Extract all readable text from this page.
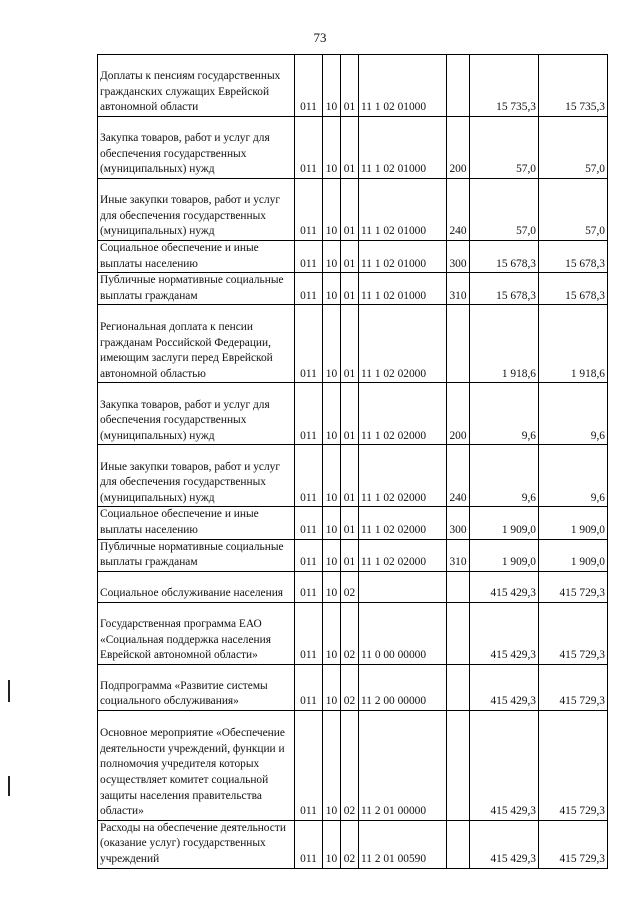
73
Доплаты к пенсиям государственных гражданских служащих Еврейской автономной области	011	10	01	11 1 02 01000		15 735,3	15 735,3
Закупка товаров, работ и услуг для обеспечения государственных (муниципальных) нужд	011	10	01	11 1 02 01000	200	57,0	57,0
Иные закупки товаров, работ и услуг для обеспечения государственных (муниципальных) нужд	011	10	01	11 1 02 01000	240	57,0	57,0
Социальное обеспечение и иные выплаты населению	011	10	01	11 1 02 01000	300	15 678,3	15 678,3
Публичные нормативные социальные выплаты гражданам	011	10	01	11 1 02 01000	310	15 678,3	15 678,3
Региональная доплата к пенсии гражданам Российской Федерации, имеющим заслуги перед Еврейской автономной областью	011	10	01	11 1 02 02000		1 918,6	1 918,6
Закупка товаров, работ и услуг для обеспечения государственных (муниципальных) нужд	011	10	01	11 1 02 02000	200	9,6	9,6
Иные закупки товаров, работ и услуг для обеспечения государственных (муниципальных) нужд	011	10	01	11 1 02 02000	240	9,6	9,6
Социальное обеспечение и иные выплаты населению	011	10	01	11 1 02 02000	300	1 909,0	1 909,0
Публичные нормативные социальные выплаты гражданам	011	10	01	11 1 02 02000	310	1 909,0	1 909,0
Социальное обслуживание населения	011	10	02			415 429,3	415 729,3
Государственная программа ЕАО «Социальная поддержка населения Еврейской автономной области»	011	10	02	11 0 00 00000		415 429,3	415 729,3
Подпрограмма «Развитие системы социального обслуживания»	011	10	02	11 2 00 00000		415 429,3	415 729,3
Основное мероприятие «Обеспечение деятельности учреждений, функции и полномочия учредителя которых осуществляет комитет социальной защиты населения правительства области»	011	10	02	11 2 01 00000		415 429,3	415 729,3
Расходы на обеспечение деятельности (оказание услуг) государственных учреждений	011	10	02	11 2 01 00590		415 429,3	415 729,3
